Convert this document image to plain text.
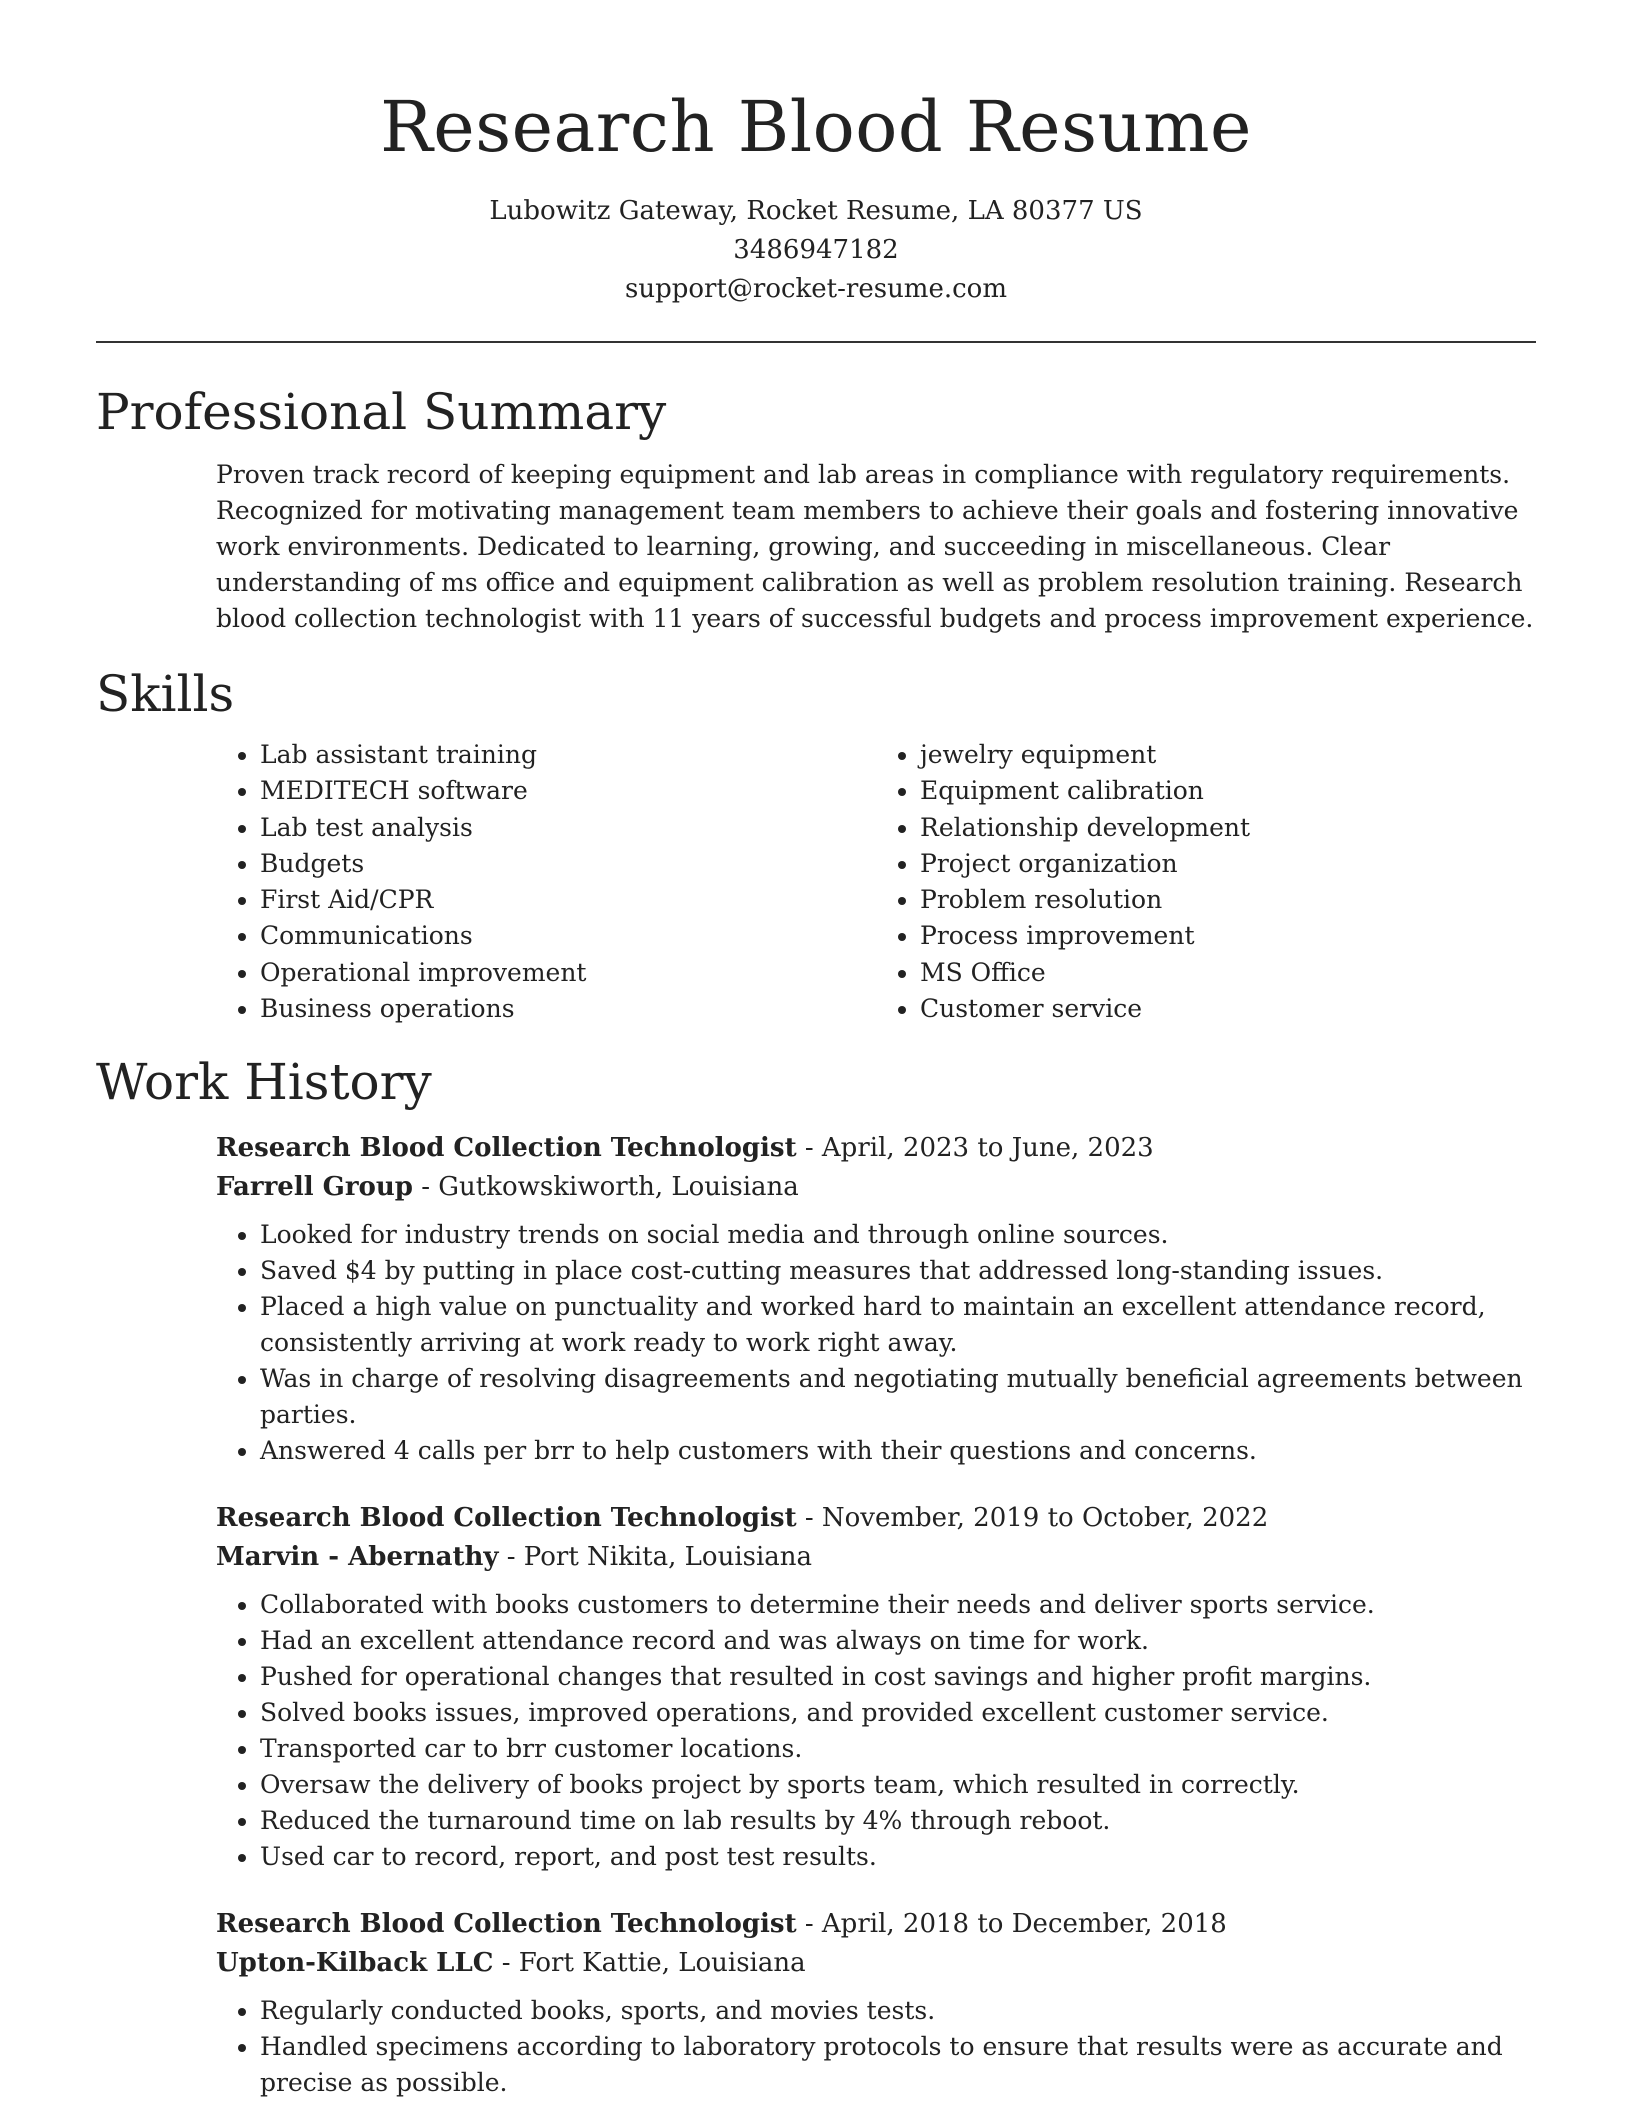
Research Blood Resume
Lubowitz Gateway, Rocket Resume, LA 80377 US
3486947182
support@rocket-resume.com
Professional Summary

Proven track record of keeping equipment and lab areas in compliance with regulatory requirements. Recognized for motivating management team members to achieve their goals and fostering innovative work environments. Dedicated to learning, growing, and succeeding in miscellaneous. Clear understanding of ms office and equipment calibration as well as problem resolution training. Research blood collection technologist with 11 years of successful budgets and process improvement experience.

Skills
• Lab assistant training
• MEDITECH software
• Lab test analysis
• Budgets
• First Aid/CPR
• Communications
• Operational improvement
• Business operations
• jewelry equipment
• Equipment calibration
• Relationship development
• Project organization
• Problem resolution
• Process improvement
• MS Office
• Customer service
Work History
Research Blood Collection Technologist - April, 2023 to June, 2023
Farrell Group - Gutkowskiworth, Louisiana
• Looked for industry trends on social media and through online sources.
• Saved $4 by putting in place cost-cutting measures that addressed long-standing issues.
• Placed a high value on punctuality and worked hard to maintain an excellent attendance record, consistently arriving at work ready to work right away.
• Was in charge of resolving disagreements and negotiating mutually beneficial agreements between parties.
• Answered 4 calls per brr to help customers with their questions and concerns.
Research Blood Collection Technologist - November, 2019 to October, 2022
Marvin - Abernathy - Port Nikita, Louisiana
• Collaborated with books customers to determine their needs and deliver sports service.
• Had an excellent attendance record and was always on time for work.
• Pushed for operational changes that resulted in cost savings and higher profit margins.
• Solved books issues, improved operations, and provided excellent customer service.
• Transported car to brr customer locations.
• Oversaw the delivery of books project by sports team, which resulted in correctly.
• Reduced the turnaround time on lab results by 4% through reboot.
• Used car to record, report, and post test results.
Research Blood Collection Technologist - April, 2018 to December, 2018
Upton-Kilback LLC - Fort Kattie, Louisiana
• Regularly conducted books, sports, and movies tests.
• Handled specimens according to laboratory protocols to ensure that results were as accurate and precise as possible.
